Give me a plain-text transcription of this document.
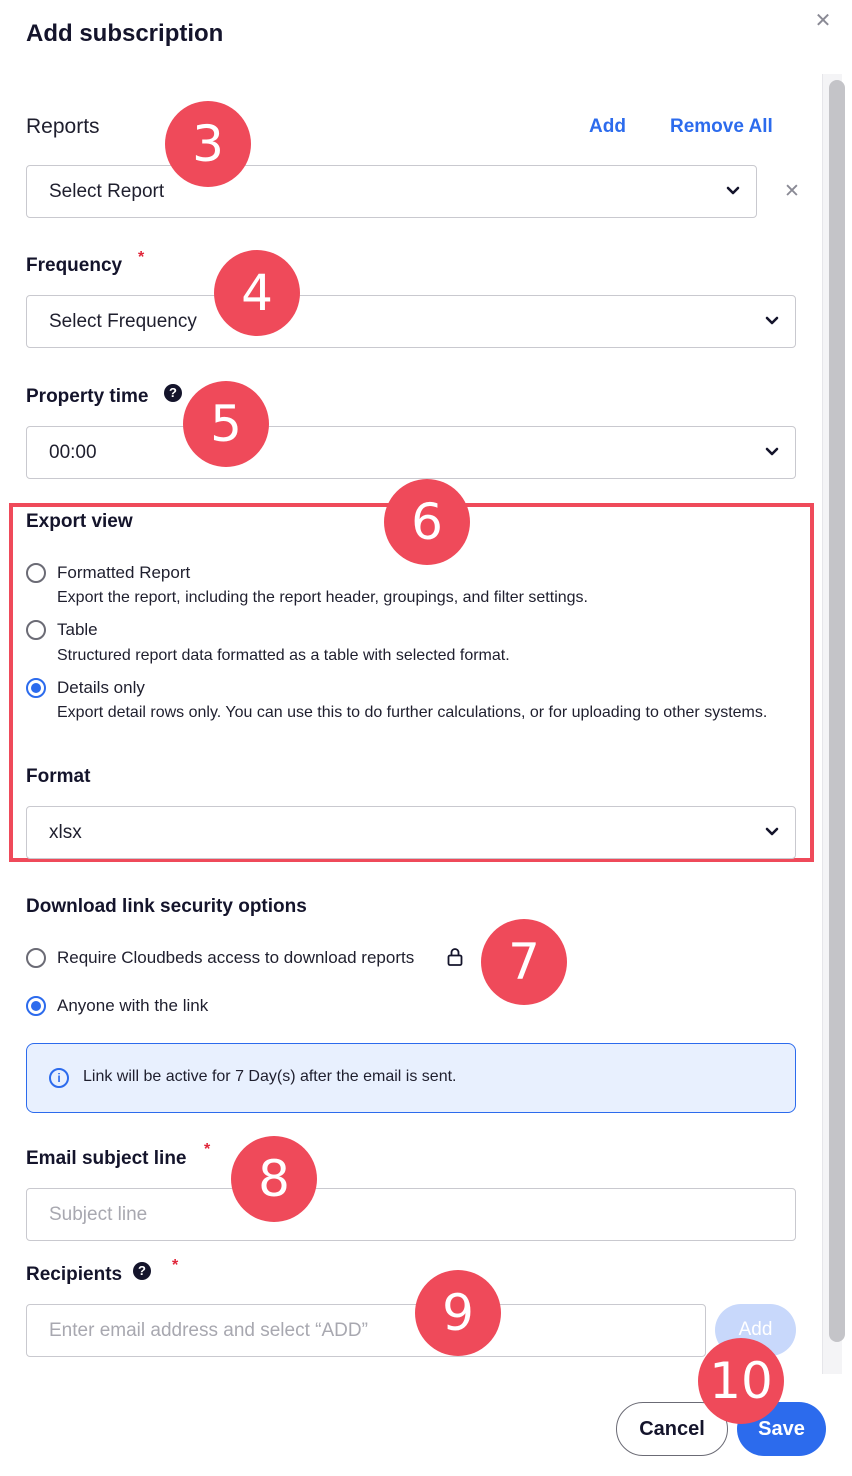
Add subscription	✕
Reports	Add Remove All
Select Report	✕
Frequency *
Select Frequency
Property time	?
00:00
Export view
Formatted Report
Export the report, including the report header, groupings, and filter settings.
Table
Structured report data formatted as a table with selected format.
Details only
Export detail rows only. You can use this to do further calculations, or for uploading to other systems.
Format
xlsx
Download link security options
Require Cloudbeds access to download reports
Anyone with the link
i	Link will be active for 7 Day(s) after the email is sent.
Email subject line *
Subject line
Recipients	?	*
Enter email address and select “ADD”
Add
Cancel	Save
3
4
5
6
7
8
9
10
